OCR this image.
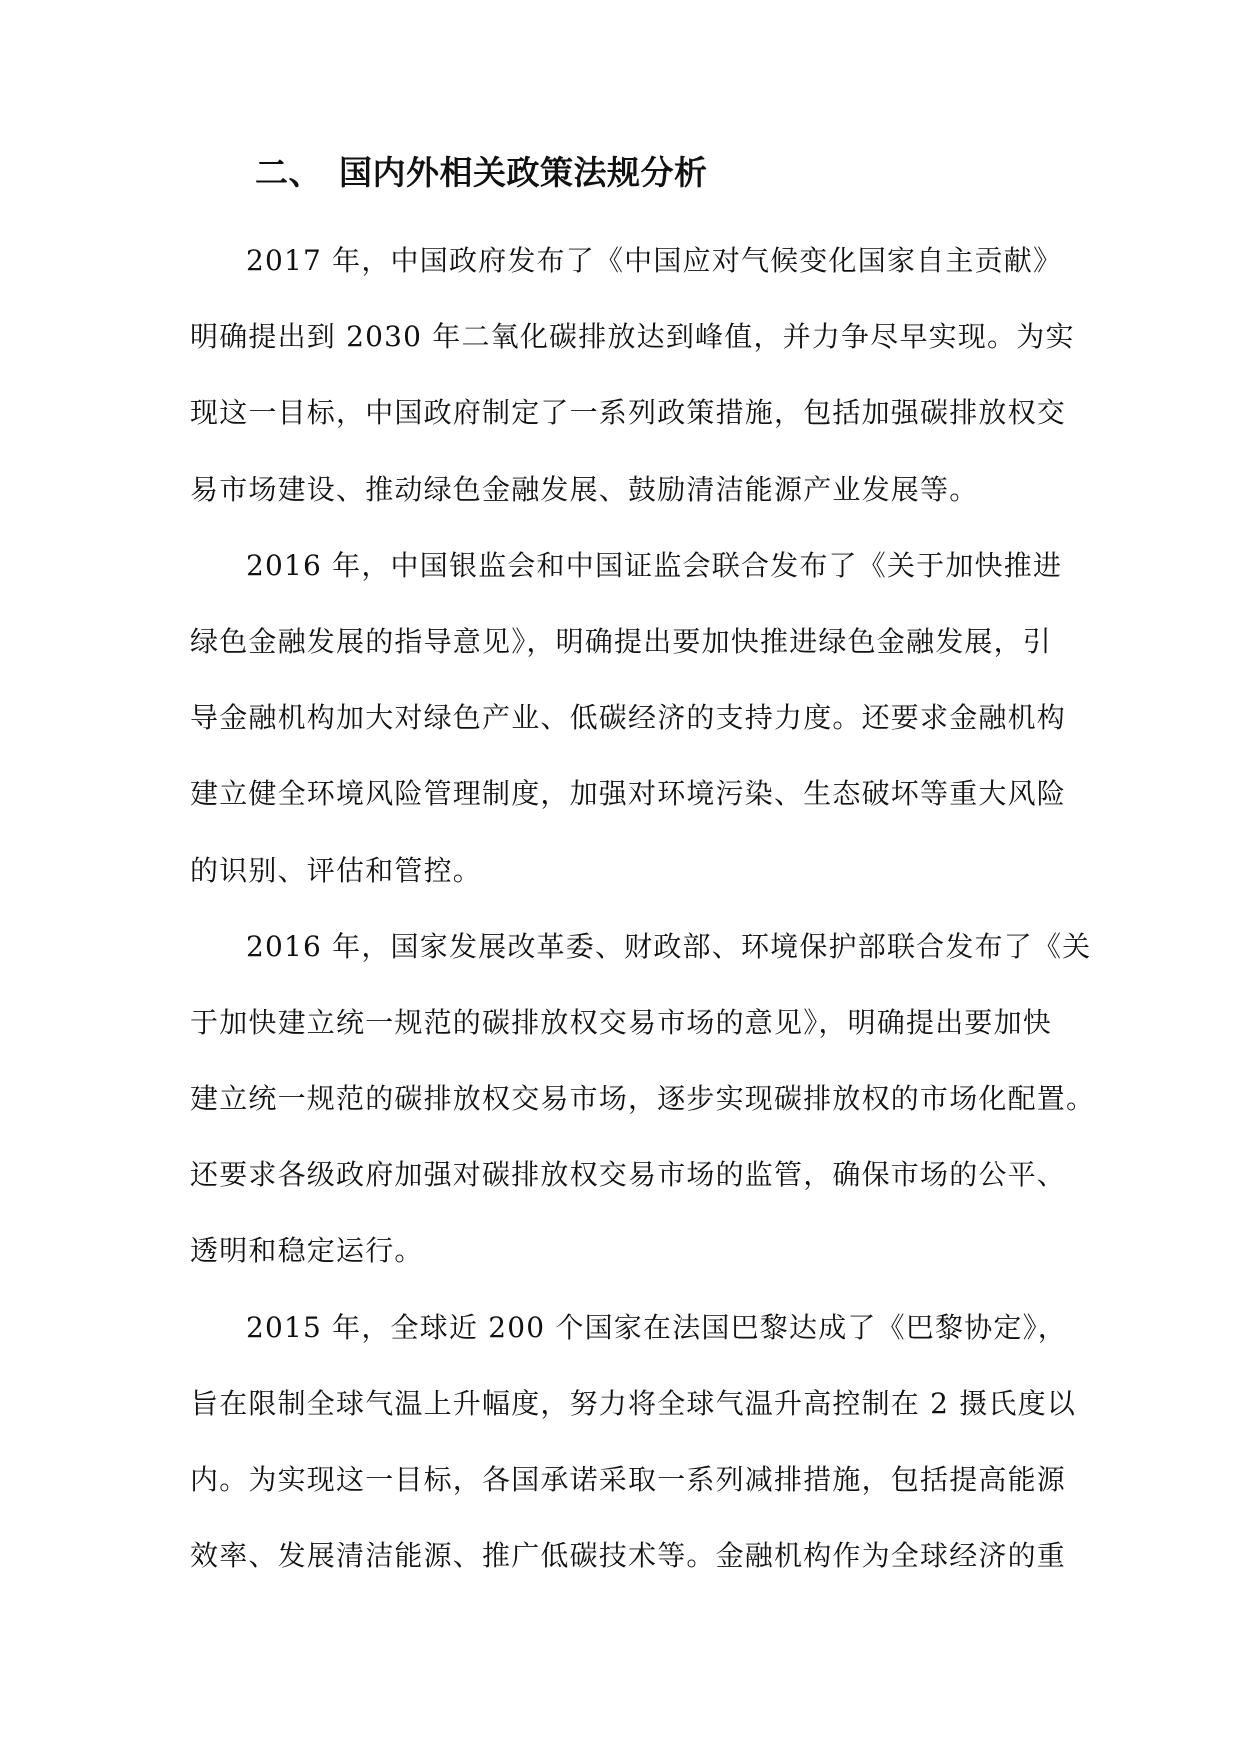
二、 国内外相关政策法规分析
2017 年，中国政府发布了《中国应对气候变化国家自主贡献》
明确提出到 2030 年二氧化碳排放达到峰值，并力争尽早实现。为实
现这一目标，中国政府制定了一系列政策措施，包括加强碳排放权交
易市场建设、推动绿色金融发展、鼓励清洁能源产业发展等。
2016 年，中国银监会和中国证监会联合发布了《关于加快推进
绿色金融发展的指导意见》，明确提出要加快推进绿色金融发展，引
导金融机构加大对绿色产业、低碳经济的支持力度。还要求金融机构
建立健全环境风险管理制度，加强对环境污染、生态破坏等重大风险
的识别、评估和管控。
2016 年，国家发展改革委、财政部、环境保护部联合发布了《关
于加快建立统一规范的碳排放权交易市场的意见》，明确提出要加快
建立统一规范的碳排放权交易市场，逐步实现碳排放权的市场化配置。
还要求各级政府加强对碳排放权交易市场的监管，确保市场的公平、
透明和稳定运行。
2015 年，全球近 200 个国家在法国巴黎达成了《巴黎协定》，
旨在限制全球气温上升幅度，努力将全球气温升高控制在 2 摄氏度以
内。为实现这一目标，各国承诺采取一系列减排措施，包括提高能源
效率、发展清洁能源、推广低碳技术等。金融机构作为全球经济的重
